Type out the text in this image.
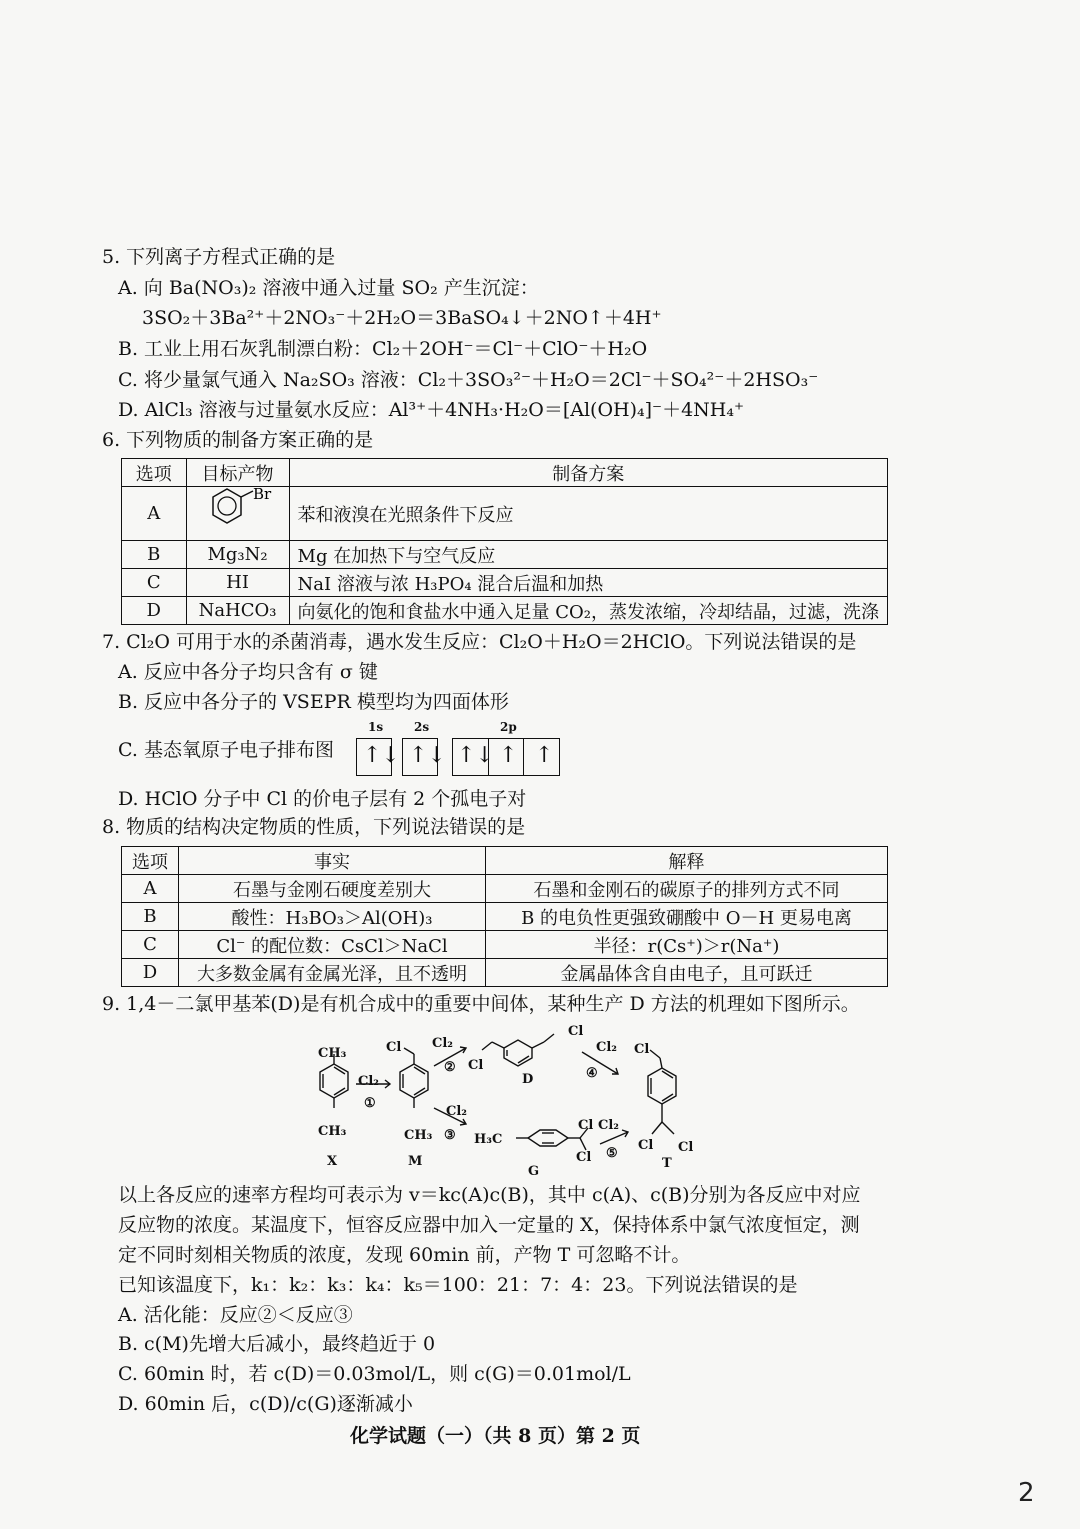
5. 下列离子方程式正确的是
A. 向 Ba(NO₃)₂ 溶液中通入过量 SO₂ 产生沉淀：
3SO₂＋3Ba²⁺＋2NO₃⁻＋2H₂O＝3BaSO₄↓＋2NO↑＋4H⁺
B. 工业上用石灰乳制漂白粉：Cl₂＋2OH⁻＝Cl⁻＋ClO⁻＋H₂O
C. 将少量氯气通入 Na₂SO₃ 溶液：Cl₂＋3SO₃²⁻＋H₂O＝2Cl⁻＋SO₄²⁻＋2HSO₃⁻
D. AlCl₃ 溶液与过量氨水反应：Al³⁺＋4NH₃·H₂O＝[Al(OH)₄]⁻＋4NH₄⁺
6. 下列物质的制备方案正确的是
选项	目标产物	制备方案
A	Br	苯和液溴在光照条件下反应
B	Mg₃N₂	Mg 在加热下与空气反应
C	HI	NaI 溶液与浓 H₃PO₄ 混合后温和加热
D	NaHCO₃	向氨化的饱和食盐水中通入足量 CO₂，蒸发浓缩，冷却结晶，过滤，洗涤
7. Cl₂O 可用于水的杀菌消毒，遇水发生反应：Cl₂O＋H₂O＝2HClO。下列说法错误的是
A. 反应中各分子均只含有 σ 键
B. 反应中各分子的 VSEPR 模型均为四面体形
C. 基态氧原子电子排布图
1s	2s	2p
↑↓ ↑↓ ↑↓ ↑ ↑
D. HClO 分子中 Cl 的价电子层有 2 个孤电子对
8. 物质的结构决定物质的性质，下列说法错误的是
选项	事实	解释
A	石墨与金刚石硬度差别大	石墨和金刚石的碳原子的排列方式不同
B	酸性：H₃BO₃＞Al(OH)₃	B 的电负性更强致硼酸中 O－H 更易电离
C	Cl⁻ 的配位数：CsCl＞NaCl	半径：r(Cs⁺)＞r(Na⁺)
D	大多数金属有金属光泽，且不透明	金属晶体含自由电子，且可跃迁
9. 1,4－二氯甲基苯(D)是有机合成中的重要中间体，某种生产 D 方法的机理如下图所示。
CH₃
CH₃
X
Cl₂
①
Cl
CH₃
M
Cl₂
② Cl
Cl
D
Cl₂
④
Cl
Cl Cl
T
Cl₂
③ H₃C
Cl
Cl
G
Cl₂
⑤
以上各反应的速率方程均可表示为 v＝kc(A)c(B)，其中 c(A)、c(B)分别为各反应中对应
反应物的浓度。某温度下，恒容反应器中加入一定量的 X，保持体系中氯气浓度恒定，测
定不同时刻相关物质的浓度，发现 60min 前，产物 T 可忽略不计。
已知该温度下，k₁：k₂：k₃：k₄：k₅＝100：21：7：4：23。下列说法错误的是
A. 活化能：反应②＜反应③
B. c(M)先增大后减小，最终趋近于 0
C. 60min 时，若 c(D)＝0.03mol/L，则 c(G)＝0.01mol/L
D. 60min 后，c(D)/c(G)逐渐减小
化学试题（一）（共 8 页）第 2 页
2
